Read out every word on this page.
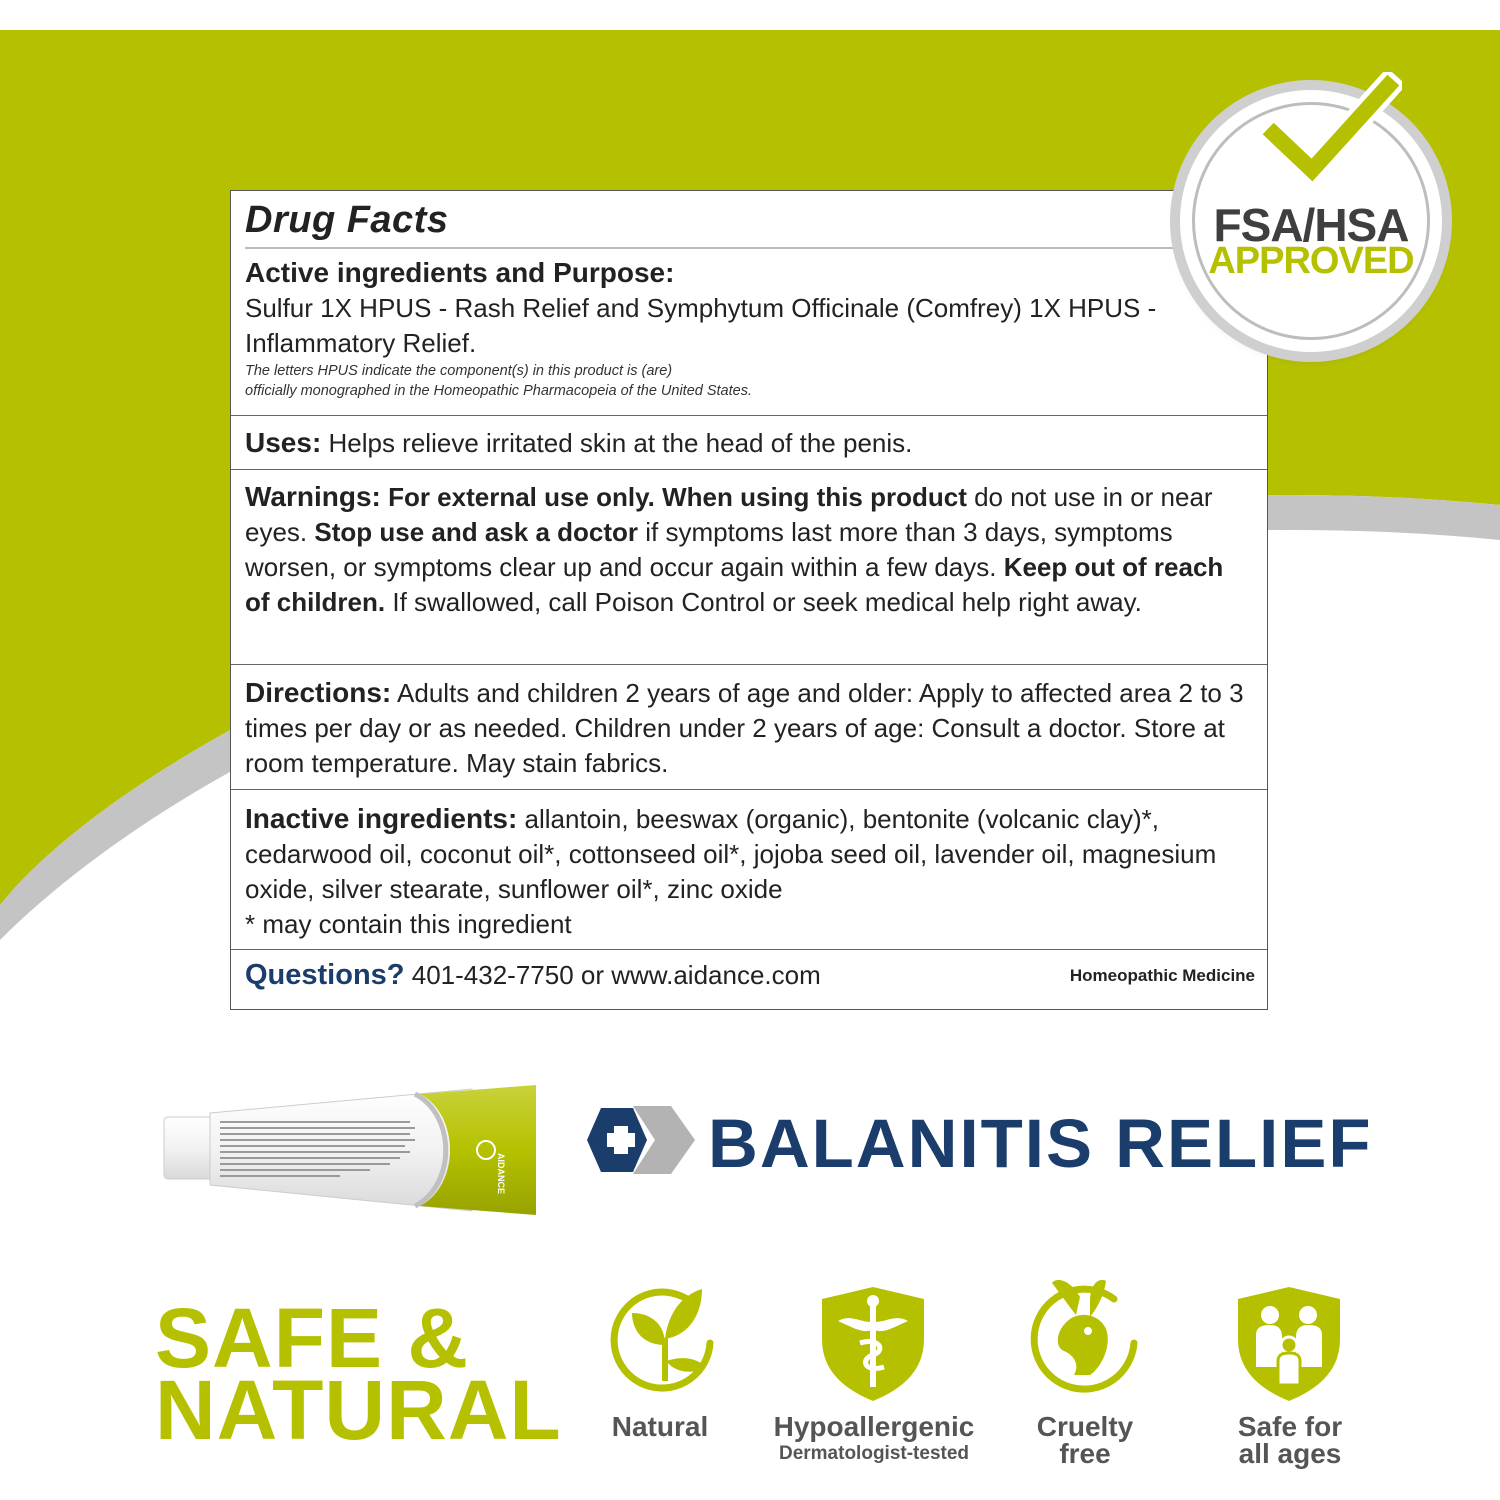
Drug Facts
Active ingredients and Purpose:
Sulfur 1X HPUS - Rash Relief and Symphytum Officinale (Comfrey) 1X HPUS - Inflammatory Relief.
The letters HPUS indicate the component(s) in this product is (are)
officially monographed in the Homeopathic Pharmacopeia of the United States.
Uses: Helps relieve irritated skin at the head of the penis.
Warnings: For external use only. When using this product do not use in or near eyes. Stop use and ask a doctor if symptoms last more than 3 days, symptoms worsen, or symptoms clear up and occur again within a few days. Keep out of reach of children. If swallowed, call Poison Control or seek medical help right away.
Directions: Adults and children 2 years of age and older: Apply to affected area 2 to 3 times per day or as needed. Children under 2 years of age: Consult a doctor. Store at room temperature. May stain fabrics.
Inactive ingredients: allantoin, beeswax (organic), bentonite (volcanic clay)*, cedarwood oil, coconut oil*, cottonseed oil*, jojoba seed oil, lavender oil, magnesium oxide, silver stearate, sunflower oil*, zinc oxide
* may contain this ingredient
Questions? 401-432-7750 or www.aidance.com	Homeopathic Medicine
FSA/HSA
APPROVED
AIDANCE	BALANITIS RELIEF
SAFE &
NATURAL	Natural	Hypoallergenic
Dermatologist-tested
Cruelty
free
Safe for
all ages
